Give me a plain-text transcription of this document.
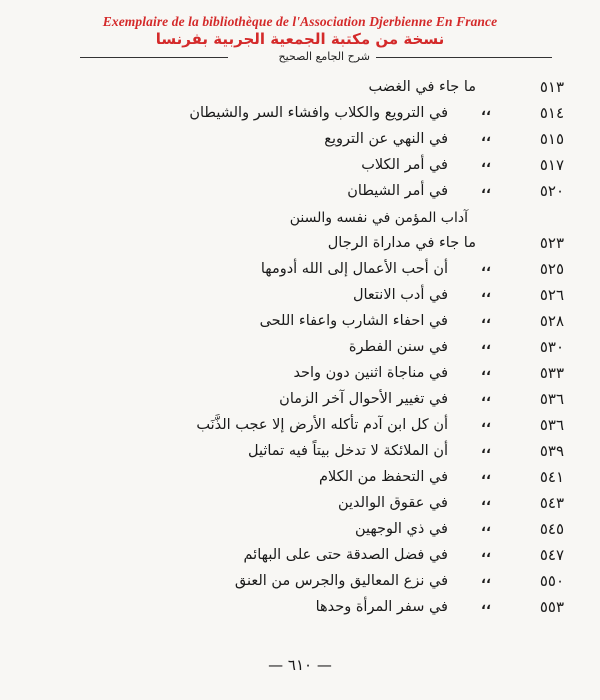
Exemplaire de la bibliothèque de l'Association Djerbienne En France
نسخة من مكتبة الجمعية الجربية بفرنسا
شرح الجامع الصحيح
آداب المؤمن في نفسه والسنن
٥١٣
ما جاء في الغضب
٥١٤
،،
في الترويع والكلاب وافشاء السر والشيطان
٥١٥
،،
في النهي عن الترويع
٥١٧
،،
في أمر الكلاب
٥٢٠
،،
في أمر الشيطان
٥٢٣
ما جاء في مداراة الرجال
٥٢٥
،،
أن أحب الأعمال إلى الله أدومها
٥٢٦
،،
في أدب الانتعال
٥٢٨
،،
في احفاء الشارب واعفاء اللحى
٥٣٠
،،
في سنن الفطرة
٥٣٣
،،
في مناجاة اثنين دون واحد
٥٣٦
،،
في تغيير الأحوال آخر الزمان
٥٣٦
،،
أن كل ابن آدم تأكله الأرض إلا عجب الذَّنَب
٥٣٩
،،
أن الملائكة لا تدخل بيتاً فيه تماثيل
٥٤١
،،
في التحفظ من الكلام
٥٤٣
،،
في عقوق الوالدين
٥٤٥
،،
في ذي الوجهين
٥٤٧
،،
في فضل الصدقة حتى على البهائم
٥٥٠
،،
في نزع المعاليق والجرس من العنق
٥٥٣
،،
في سفر المرأة وحدها
— ٦١٠ —
